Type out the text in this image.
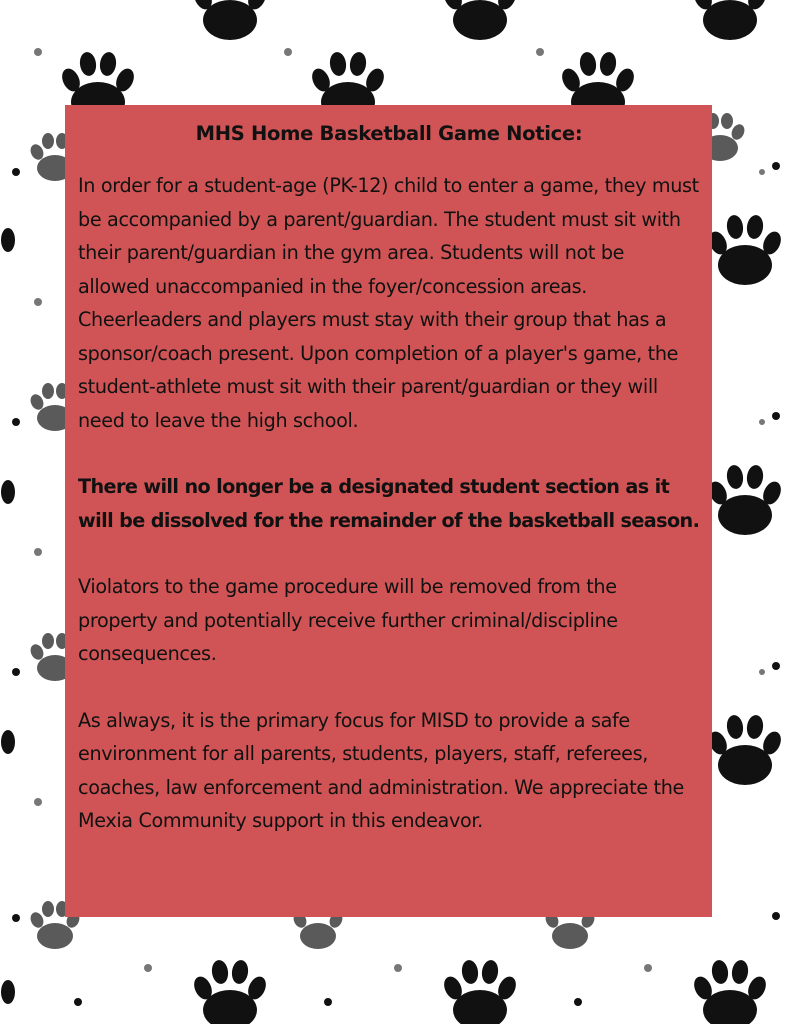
MHS Home Basketball Game Notice:

In order for a student-age (PK-12) child to enter a game, they must be accompanied by a parent/guardian. The student must sit with their parent/guardian in the gym area. Students will not be allowed unaccompanied in the foyer/concession areas. Cheerleaders and players must stay with their group that has a sponsor/coach present. Upon completion of a player's game, the student-athlete must sit with their parent/guardian or they will need to leave the high school.

There will no longer be a designated student section as it will be dissolved for the remainder of the basketball season.

Violators to the game procedure will be removed from the property and potentially receive further criminal/discipline consequences.

As always, it is the primary focus for MISD to provide a safe environment for all parents, students, players, staff, referees, coaches, law enforcement and administration. We appreciate the Mexia Community support in this endeavor.
